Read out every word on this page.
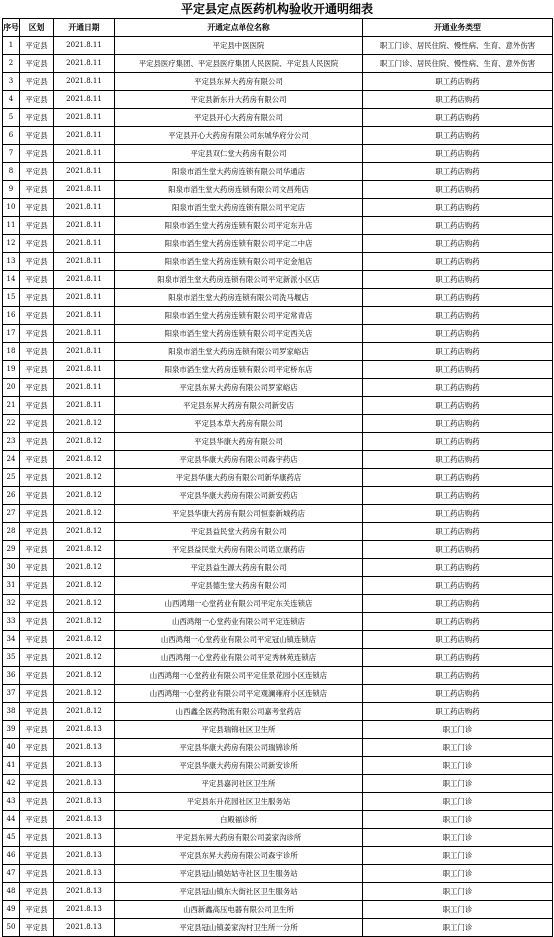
平定县定点医药机构验收开通明细表
序号	区划	开通日期	开通定点单位名称	开通业务类型
1	平定县	2021.8.11	平定县中医医院	职工门诊、居民住院、慢性病、生育、意外伤害
2	平定县	2021.8.11	平定县医疗集团、平定县医疗集团人民医院、平定县人民医院	职工门诊、居民住院、慢性病、生育、意外伤害
3	平定县	2021.8.11	平定县东昇大药房有限公司	职工药店购药
4	平定县	2021.8.11	平定县新东升大药房有限公司	职工药店购药
5	平定县	2021.8.11	平定县开心大药房有限公司	职工药店购药
6	平定县	2021.8.11	平定县开心大药房有限公司东城华府分公司	职工药店购药
7	平定县	2021.8.11	平定县双仁堂大药房有限公司	职工药店购药
8	平定县	2021.8.11	阳泉市滔生堂大药房连锁有限公司华通店	职工药店购药
9	平定县	2021.8.11	阳泉市滔生堂大药房连锁有限公司文昌苑店	职工药店购药
10	平定县	2021.8.11	阳泉市滔生堂大药房连锁有限公司平定店	职工药店购药
11	平定县	2021.8.11	阳泉市滔生堂大药房连锁有限公司平定东升店	职工药店购药
12	平定县	2021.8.11	阳泉市滔生堂大药房连锁有限公司平定二中店	职工药店购药
13	平定县	2021.8.11	阳泉市滔生堂大药房连锁有限公司平定金旭店	职工药店购药
14	平定县	2021.8.11	阳泉市滔生堂大药房连锁有限公司平定新派小区店	职工药店购药
15	平定县	2021.8.11	阳泉市滔生堂大药房连锁有限公司洗马堰店	职工药店购药
16	平定县	2021.8.11	阳泉市滔生堂大药房连锁有限公司平定常青店	职工药店购药
17	平定县	2021.8.11	阳泉市滔生堂大药房连锁有限公司平定西关店	职工药店购药
18	平定县	2021.8.11	阳泉市滔生堂大药房连锁有限公司罗家峪店	职工药店购药
19	平定县	2021.8.11	阳泉市滔生堂大药房连锁有限公司平定桥东店	职工药店购药
20	平定县	2021.8.11	平定县东昇大药房有限公司罗家峪店	职工药店购药
21	平定县	2021.8.11	平定县东昇大药房有限公司新安店	职工药店购药
22	平定县	2021.8.12	平定县本草大药房有限公司	职工药店购药
23	平定县	2021.8.12	平定县华康大药房有限公司	职工药店购药
24	平定县	2021.8.12	平定县华康大药房有限公司森宇药店	职工药店购药
25	平定县	2021.8.12	平定县华康大药房有限公司新华康药店	职工药店购药
26	平定县	2021.8.12	平定县华康大药房有限公司新安药店	职工药店购药
27	平定县	2021.8.12	平定县华康大药房有限公司恒泰新城药店	职工药店购药
28	平定县	2021.8.12	平定县益民堂大药房有限公司	职工药店购药
29	平定县	2021.8.12	平定县益民堂大药房有限公司诺立康药店	职工药店购药
30	平定县	2021.8.12	平定县益生源大药房有限公司	职工药店购药
31	平定县	2021.8.12	平定县德生堂大药房有限公司	职工药店购药
32	平定县	2021.8.12	山西鸿翔一心堂药业有限公司平定东关连锁店	职工药店购药
33	平定县	2021.8.12	山西鸿翔一心堂药业有限公司平定连锁店	职工药店购药
34	平定县	2021.8.12	山西鸿翔一心堂药业有限公司平定冠山镇连锁店	职工药店购药
35	平定县	2021.8.12	山西鸿翔一心堂药业有限公司平定秀林苑连锁店	职工药店购药
36	平定县	2021.8.12	山西鸿翔一心堂药业有限公司平定佳景花园小区连锁店	职工药店购药
37	平定县	2021.8.12	山西鸿翔一心堂药业有限公司平定观澜雍府小区连锁店	职工药店购药
38	平定县	2021.8.12	山西鑫全医药物流有限公司嘉考堂药店	职工药店购药
39	平定县	2021.8.13	平定县瑞锦社区卫生所	职工门诊
40	平定县	2021.8.13	平定县华康大药房有限公司瑞锦诊所	职工门诊
41	平定县	2021.8.13	平定县华康大药房有限公司新安诊所	职工门诊
42	平定县	2021.8.13	平定县嘉河社区卫生所	职工门诊
43	平定县	2021.8.13	平定县东升花园社区卫生服务站	职工门诊
44	平定县	2021.8.13	白殿福诊所	职工门诊
45	平定县	2021.8.13	平定县东昇大药房有限公司姜家沟诊所	职工门诊
46	平定县	2021.8.13	平定县东昇大药房有限公司森宇诊所	职工门诊
47	平定县	2021.8.13	平定县冠山镇姑姑寺社区卫生服务站	职工门诊
48	平定县	2021.8.13	平定县冠山镇东大街社区卫生服务站	职工门诊
49	平定县	2021.8.13	山西新鑫高压电器有限公司卫生所	职工门诊
50	平定县	2021.8.13	平定县冠山镇姜家沟村卫生所一分所	职工门诊
